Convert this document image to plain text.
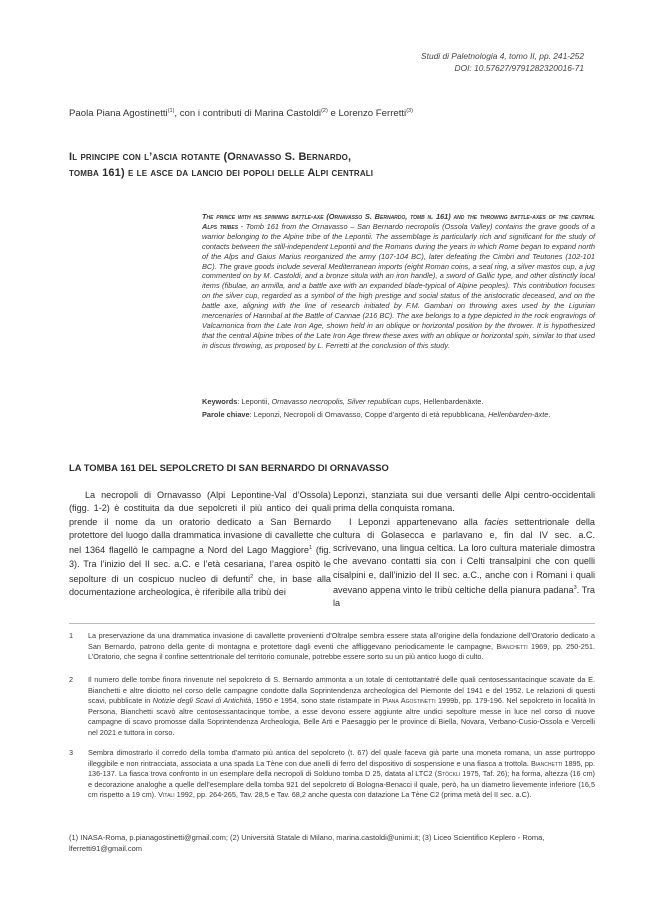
Studi di Paletnologia 4, tomo II, pp. 241-252
DOI: 10.57627/9791282320016-71
Paola Piana Agostinetti$^{(1)}$, con i contributi di Marina Castoldi$^{(2)}$ e Lorenzo Ferretti$^{(3)}$
Il principe con l’ascia rotante (Ornavasso S. Bernardo,
tomba 161) e le asce da lancio dei popoli delle Alpi centrali
The prince with his spinning battle-axe (Ornavasso S. Bernardo, tomb n. 161) and the throwing battle-axes of the central Alps tribes - Tomb 161 from the Ornavasso – San Bernardo necropolis (Ossola Valley) contains the grave goods of a warrior belonging to the Alpine tribe of the Lepontii. The assemblage is particularly rich and significant for the study of contacts between the still-independent Lepontii and the Romans during the years in which Rome began to expand north of the Alps and Gaius Marius reorganized the army (107-104 BC), later defeating the Cimbri and Teutones (102-101 BC). The grave goods include several Mediterranean imports (eight Roman coins, a seal ring, a silver mastos cup, a jug commented on by M. Castoldi, and a bronze situla with an iron handle), a sword of Gallic type, and other distinctly local items (fibulae, an armilla, and a battle axe with an expanded blade-typical of Alpine peoples). This contribution focuses on the silver cup, regarded as a symbol of the high prestige and social status of the aristocratic deceased, and on the battle axe, aligning with the line of research initiated by F.M. Gambari on throwing axes used by the Ligurian mercenaries of Hannibal at the Battle of Cannae (216 BC). The axe belongs to a type depicted in the rock engravings of Valcamonica from the Late Iron Age, shown held in an oblique or horizontal position by the thrower. It is hypothesized that the central Alpine tribes of the Late Iron Age threw these axes with an oblique or horizontal spin, similar to that used in discus throwing, as proposed by L. Ferretti at the conclusion of this study.
Keywords: Lepontii, Ornavasso necropolis, Silver republican cups, Hellenbardenäxte.
Parole chiave: Leponzi, Necropoli di Ornavasso, Coppe d’argento di età repubblicana, Hellenbarden-äxte.
LA TOMBA 161 DEL SEPOLCRETO DI SAN BERNARDO DI ORNAVASSO

La necropoli di Ornavasso (Alpi Lepontine-Val d’Ossola) (figg. 1-2) è costituita da due sepolcreti il più antico dei quali prende il nome da un oratorio dedicato a San Bernardo protettore del luogo dalla drammatica invasione di cavallette che nel 1364 flagellò le campagne a Nord del Lago Maggiore$^1$ (fig. 3). Tra l’inizio del II sec. a.C. e l’età cesariana, l’area ospitò le sepolture di un cospicuo nucleo di defunti$^2$ che, in base alla documentazione archeologica, è riferibile alla tribù dei

Leponzi, stanziata sui due versanti delle Alpi centro-occidentali prima della conquista romana.

I Leponzi appartenevano alla facies settentrionale della cultura di Golasecca e parlavano e, fin dal IV sec. a.C. scrivevano, una lingua celtica. La loro cultura materiale dimostra che avevano contatti sia con i Celti transalpini che con quelli cisalpini e, dall’inizio del II sec. a.C., anche con i Romani i quali avevano appena vinto le tribù celtiche della pianura padana$^3$. Tra la

1	La preservazione da una drammatica invasione di cavallette provenienti d’Oltralpe sembra essere stata all’origine della fondazione dell’Oratorio dedicato a San Bernardo, patrono della gente di montagna e protettore dagli eventi che affliggevano periodicamente le campagne, Bianchetti 1969, pp. 250-251. L’Oratorio, che segna il confine settentrionale del territorio comunale, potrebbe essere sorto su un più antico luogo di culto.
2	Il numero delle tombe finora rinvenute nel sepolcreto di S. Bernardo ammonta a un totale di centottantatré delle quali centosessantacinque scavate da E. Bianchetti e altre diciotto nel corso delle campagne condotte dalla Soprintendenza archeologica del Piemonte del 1941 e del 1952. Le relazioni di questi scavi, pubblicate in Notizie degli Scavi di Antichità, 1950 e 1954, sono state ristampate in Piana Agostinetti 1999b, pp. 179-196. Nel sepolcreto in località In Persona, Bianchetti scavò altre centosessantacinque tombe, a esse devono essere aggiunte altre undici sepolture messe in luce nel corso di nuove campagne di scavo promosse dalla Soprintendenza Archeologia, Belle Arti e Paesaggio per le province di Biella, Novara, Verbano-Cusio-Ossola e Vercelli nel 2021 e tuttora in corso.
3	Sembra dimostrarlo il corredo della tomba d’armato più antica del sepolcreto (t. 67) del quale faceva già parte una moneta romana, un asse purtroppo illeggibile e non rintracciata, associata a una spada La Tène con due anelli di ferro del dispositivo di sospensione e una fiasca a trottola. Bianchetti 1895, pp. 136-137. La fiasca trova confronto in un esemplare della necropoli di Solduno tomba D 25, datata al LTC2 (Stöckli 1975, Taf. 26); ha forma, altezza (16 cm) e decorazione analoghe a quelle dell’esemplare della tomba 921 del sepolcreto di Bologna-Benacci il quale, però, ha un diametro lievemente inferiore (16,5 cm rispetto a 19 cm). Vitali 1992, pp. 264-265, Tav. 28,5 e Tav. 68,2 anche questa con datazione La Tène C2 (prima metà del II sec. a.C).
(1) INASA-Roma, p.pianagostinetti@gmail.com; (2) Università Statale di Milano, marina.castoldi@unimi.it; (3) Liceo Scientifico Keplero - Roma, lferretti91@gmail.com
